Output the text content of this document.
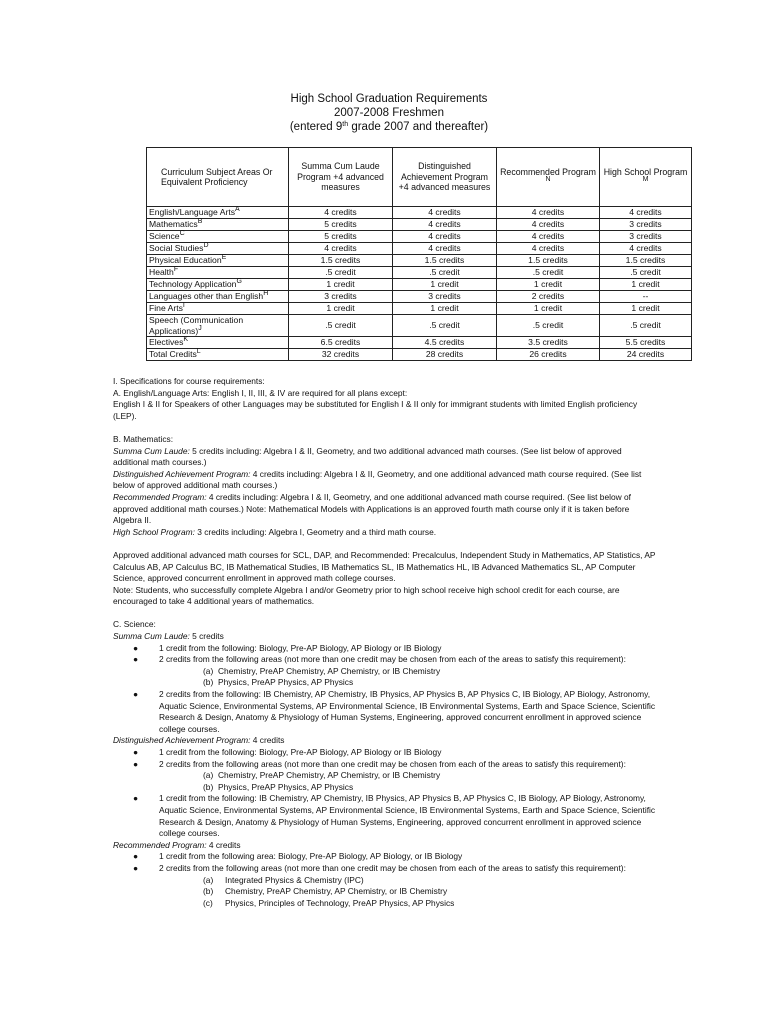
High School Graduation Requirements
2007-2008 Freshmen
(entered 9th grade 2007 and thereafter)
Curriculum Subject Areas Or Equivalent Proficiency	Summa Cum Laude Program +4 advanced measures	Distinguished Achievement Program +4 advanced measures	Recommended Program $^N$	High School Program $^M$
English/Language Arts$^A$	4 credits	4 credits	4 credits	4 credits
Mathematics$^B$	5 credits	4 credits	4 credits	3 credits
Science$^C$	5 credits	4 credits	4 credits	3 credits
Social Studies$^D$	4 credits	4 credits	4 credits	4 credits
Physical Education$^E$	1.5 credits	1.5 credits	1.5 credits	1.5 credits
Health$^F$	.5 credit	.5 credit	.5 credit	.5 credit
Technology Application$^G$	1 credit	1 credit	1 credit	1 credit
Languages other than English$^H$	3 credits	3 credits	2 credits	--
Fine Arts$^I$	1 credit	1 credit	1 credit	1 credit
Speech (Communication Applications)$^J$	.5 credit	.5 credit	.5 credit	.5 credit
Electives$^K$	6.5 credits	4.5 credits	3.5 credits	5.5 credits
Total Credits$^L$	32 credits	28 credits	26 credits	24 credits

I. Specifications for course requirements:

A. English/Language Arts: English I, II, III, & IV are required for all plans except:

English I & II for Speakers of other Languages may be substituted for English I & II only for immigrant students with limited English proficiency (LEP).

B. Mathematics:

Summa Cum Laude: 5 credits including: Algebra I & II, Geometry, and two additional advanced math courses. (See list below of approved additional math courses.)

Distinguished Achievement Program: 4 credits including: Algebra I & II, Geometry, and one additional advanced math course required. (See list below of approved additional math courses.)

Recommended Program: 4 credits including: Algebra I & II, Geometry, and one additional advanced math course required. (See list below of approved additional math courses.) Note: Mathematical Models with Applications is an approved fourth math course only if it is taken before Algebra II.

High School Program: 3 credits including: Algebra I, Geometry and a third math course.

Approved additional advanced math courses for SCL, DAP, and Recommended: Precalculus, Independent Study in Mathematics, AP Statistics, AP Calculus AB, AP Calculus BC, IB Mathematical Studies, IB Mathematics SL, IB Mathematics HL, IB Advanced Mathematics SL, AP Computer Science, approved concurrent enrollment in approved math college courses.

Note: Students, who successfully complete Algebra I and/or Geometry prior to high school receive high school credit for each course, are encouraged to take 4 additional years of mathematics.

C. Science:

Summa Cum Laude: 5 credits

● 1 credit from the following: Biology, Pre-AP Biology, AP Biology or IB Biology

● 2 credits from the following areas (not more than one credit may be chosen from each of the areas to satisfy this requirement):

(a) Chemistry, PreAP Chemistry, AP Chemistry, or IB Chemistry

(b) Physics, PreAP Physics, AP Physics

● 2 credits from the following: IB Chemistry, AP Chemistry, IB Physics, AP Physics B, AP Physics C, IB Biology, AP Biology, Astronomy, Aquatic Science, Environmental Systems, AP Environmental Science, IB Environmental Systems, Earth and Space Science, Scientific Research & Design, Anatomy & Physiology of Human Systems, Engineering, approved concurrent enrollment in approved science college courses.

Distinguished Achievement Program: 4 credits

● 1 credit from the following: Biology, Pre-AP Biology, AP Biology or IB Biology

● 2 credits from the following areas (not more than one credit may be chosen from each of the areas to satisfy this requirement):

(a) Chemistry, PreAP Chemistry, AP Chemistry, or IB Chemistry

(b) Physics, PreAP Physics, AP Physics

● 1 credit from the following: IB Chemistry, AP Chemistry, IB Physics, AP Physics B, AP Physics C, IB Biology, AP Biology, Astronomy, Aquatic Science, Environmental Systems, AP Environmental Science, IB Environmental Systems, Earth and Space Science, Scientific Research & Design, Anatomy & Physiology of Human Systems, Engineering, approved concurrent enrollment in approved science college courses.

Recommended Program: 4 credits

● 1 credit from the following area: Biology, Pre-AP Biology, AP Biology, or IB Biology

● 2 credits from the following areas (not more than one credit may be chosen from each of the areas to satisfy this requirement):

(a) Integrated Physics & Chemistry (IPC)

(b) Chemistry, PreAP Chemistry, AP Chemistry, or IB Chemistry

(c) Physics, Principles of Technology, PreAP Physics, AP Physics
